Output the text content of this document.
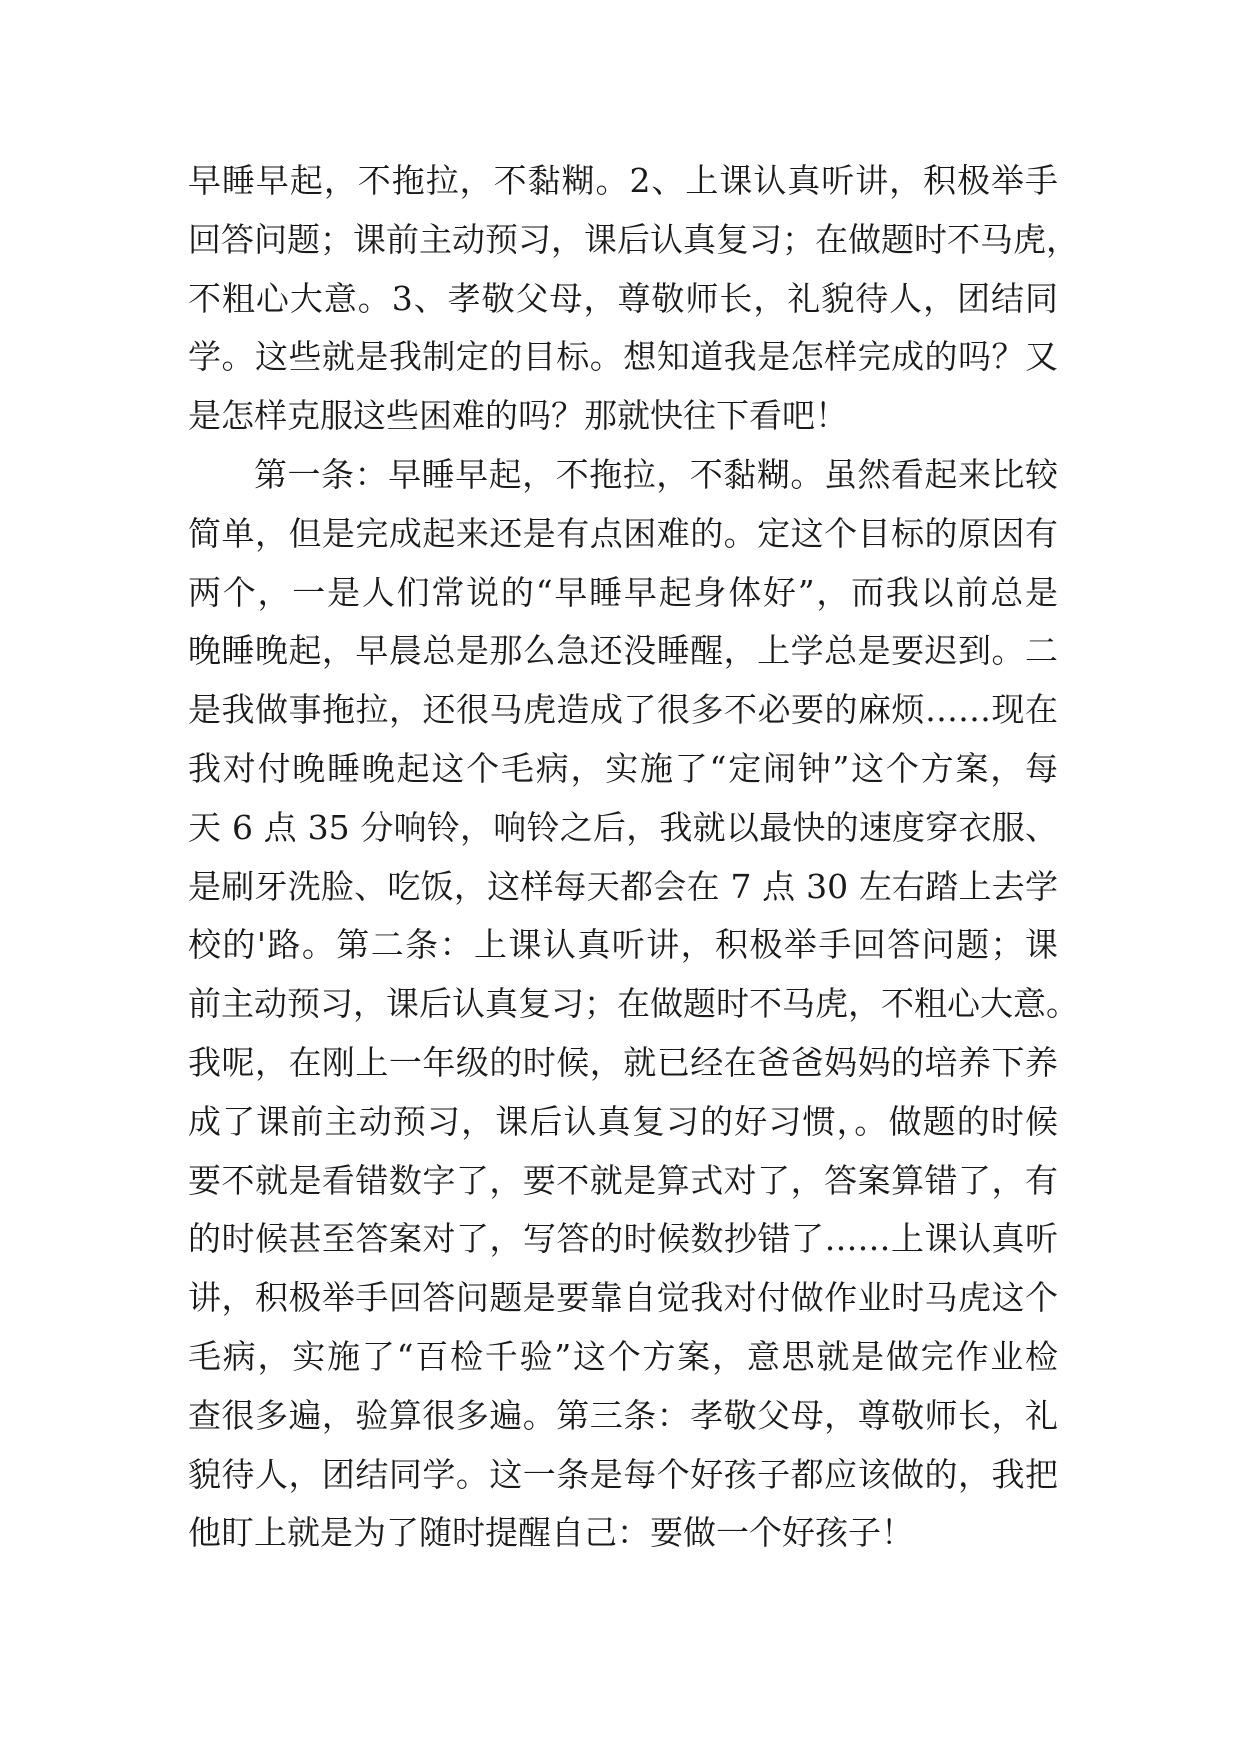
早睡早起，不拖拉，不黏糊。2、上课认真听讲，积极举手
回答问题；课前主动预习，课后认真复习；在做题时不马虎，
不粗心大意。3、孝敬父母，尊敬师长，礼貌待人，团结同
学。这些就是我制定的目标。想知道我是怎样完成的吗？又
是怎样克服这些困难的吗？那就快往下看吧！
第一条：早睡早起，不拖拉，不黏糊。虽然看起来比较
简单，但是完成起来还是有点困难的。定这个目标的原因有
两个，一是人们常说的“早睡早起身体好”，而我以前总是
晚睡晚起，早晨总是那么急还没睡醒，上学总是要迟到。二
是我做事拖拉，还很马虎造成了很多不必要的麻烦……现在
我对付晚睡晚起这个毛病，实施了“定闹钟”这个方案，每
天 6 点 35 分响铃，响铃之后，我就以最快的速度穿衣服、
是刷牙洗脸、吃饭，这样每天都会在 7 点 30 左右踏上去学
校的'路。第二条：上课认真听讲，积极举手回答问题；课
前主动预习，课后认真复习；在做题时不马虎，不粗心大意。
我呢，在刚上一年级的时候，就已经在爸爸妈妈的培养下养
成了课前主动预习，课后认真复习的好习惯，。做题的时候
要不就是看错数字了，要不就是算式对了，答案算错了，有
的时候甚至答案对了，写答的时候数抄错了……上课认真听
讲，积极举手回答问题是要靠自觉我对付做作业时马虎这个
毛病，实施了“百检千验”这个方案，意思就是做完作业检
查很多遍，验算很多遍。第三条：孝敬父母，尊敬师长，礼
貌待人，团结同学。这一条是每个好孩子都应该做的，我把
他盯上就是为了随时提醒自己：要做一个好孩子！
